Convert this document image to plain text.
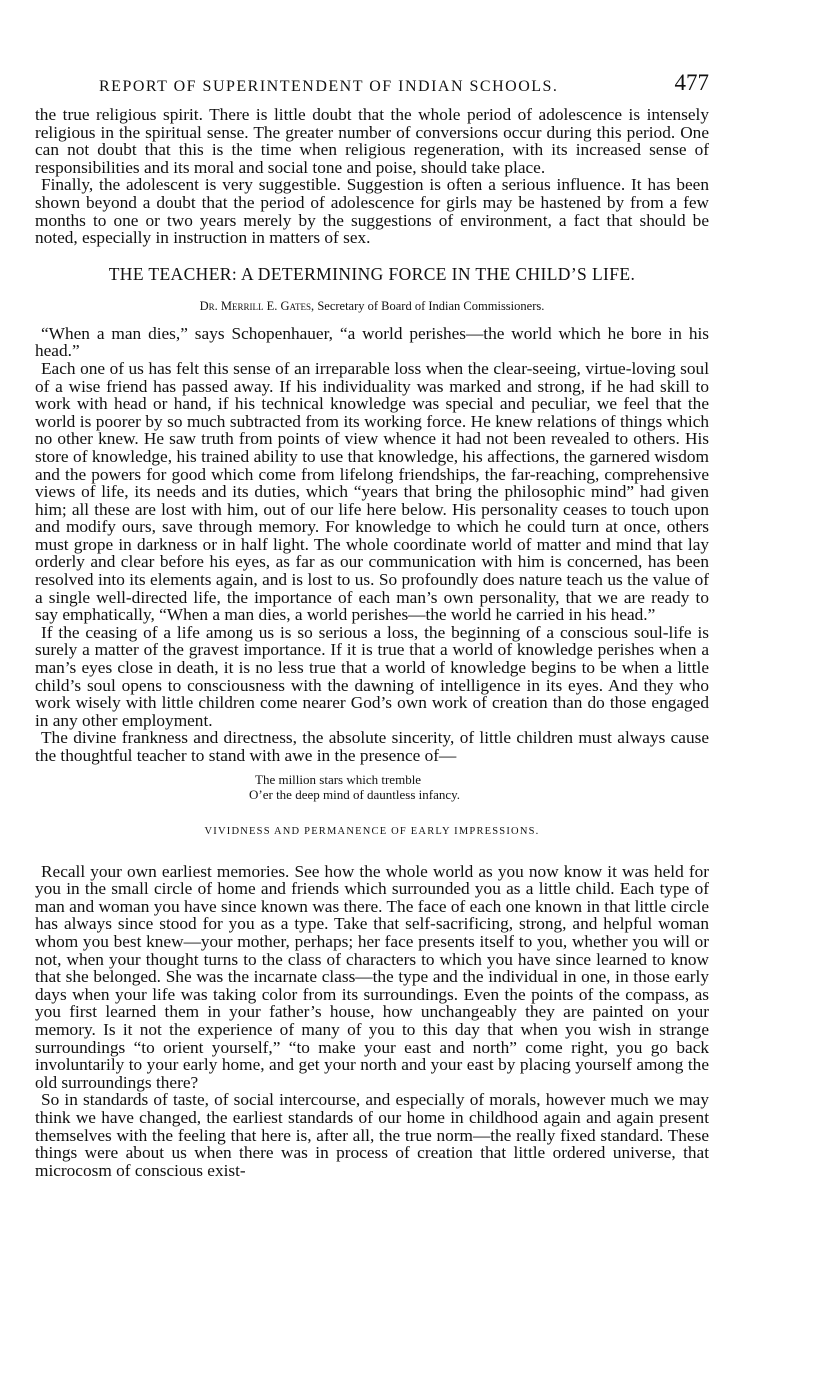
REPORT OF SUPERINTENDENT OF INDIAN SCHOOLS.	477

the true religious spirit. There is little doubt that the whole period of adolescence is intensely religious in the spiritual sense. The greater number of conversions occur during this period. One can not doubt that this is the time when religious regeneration, with its increased sense of responsibilities and its moral and social tone and poise, should take place.

Finally, the adolescent is very suggestible. Suggestion is often a serious influence. It has been shown beyond a doubt that the period of adolescence for girls may be hastened by from a few months to one or two years merely by the suggestions of environment, a fact that should be noted, especially in instruction in matters of sex.

THE TEACHER: A DETERMINING FORCE IN THE CHILD’S LIFE.
Dr. Merrill E. Gates, Secretary of Board of Indian Commissioners.

“When a man dies,” says Schopenhauer, “a world perishes—the world which he bore in his head.”

Each one of us has felt this sense of an irreparable loss when the clear-seeing, virtue-loving soul of a wise friend has passed away. If his individuality was marked and strong, if he had skill to work with head or hand, if his technical knowledge was special and peculiar, we feel that the world is poorer by so much subtracted from its working force. He knew relations of things which no other knew. He saw truth from points of view whence it had not been revealed to others. His store of knowledge, his trained ability to use that knowledge, his affections, the garnered wisdom and the powers for good which come from lifelong friendships, the far-reaching, comprehensive views of life, its needs and its duties, which “years that bring the philosophic mind” had given him; all these are lost with him, out of our life here below. His personality ceases to touch upon and modify ours, save through memory. For knowledge to which he could turn at once, others must grope in darkness or in half light. The whole coordinate world of matter and mind that lay orderly and clear before his eyes, as far as our communication with him is concerned, has been resolved into its elements again, and is lost to us. So profoundly does nature teach us the value of a single well-directed life, the importance of each man’s own personality, that we are ready to say emphatically, “When a man dies, a world perishes—the world he carried in his head.”

If the ceasing of a life among us is so serious a loss, the beginning of a conscious soul-life is surely a matter of the gravest importance. If it is true that a world of knowledge perishes when a man’s eyes close in death, it is no less true that a world of knowledge begins to be when a little child’s soul opens to consciousness with the dawning of intelligence in its eyes. And they who work wisely with little children come nearer God’s own work of creation than do those engaged in any other employment.

The divine frankness and directness, the absolute sincerity, of little children must always cause the thoughtful teacher to stand with awe in the presence of—

The million stars which tremble
O’er the deep mind of dauntless infancy.
VIVIDNESS AND PERMANENCE OF EARLY IMPRESSIONS.

Recall your own earliest memories. See how the whole world as you now know it was held for you in the small circle of home and friends which surrounded you as a little child. Each type of man and woman you have since known was there. The face of each one known in that little circle has always since stood for you as a type. Take that self-sacrificing, strong, and helpful woman whom you best knew—your mother, perhaps; her face presents itself to you, whether you will or not, when your thought turns to the class of characters to which you have since learned to know that she belonged. She was the incarnate class—the type and the individual in one, in those early days when your life was taking color from its surroundings. Even the points of the compass, as you first learned them in your father’s house, how unchangeably they are painted on your memory. Is it not the experience of many of you to this day that when you wish in strange surroundings “to orient yourself,” “to make your east and north” come right, you go back involuntarily to your early home, and get your north and your east by placing yourself among the old surroundings there?

So in standards of taste, of social intercourse, and especially of morals, however much we may think we have changed, the earliest standards of our home in childhood again and again present themselves with the feeling that here is, after all, the true norm—the really fixed standard. These things were about us when there was in process of creation that little ordered universe, that microcosm of conscious exist-
